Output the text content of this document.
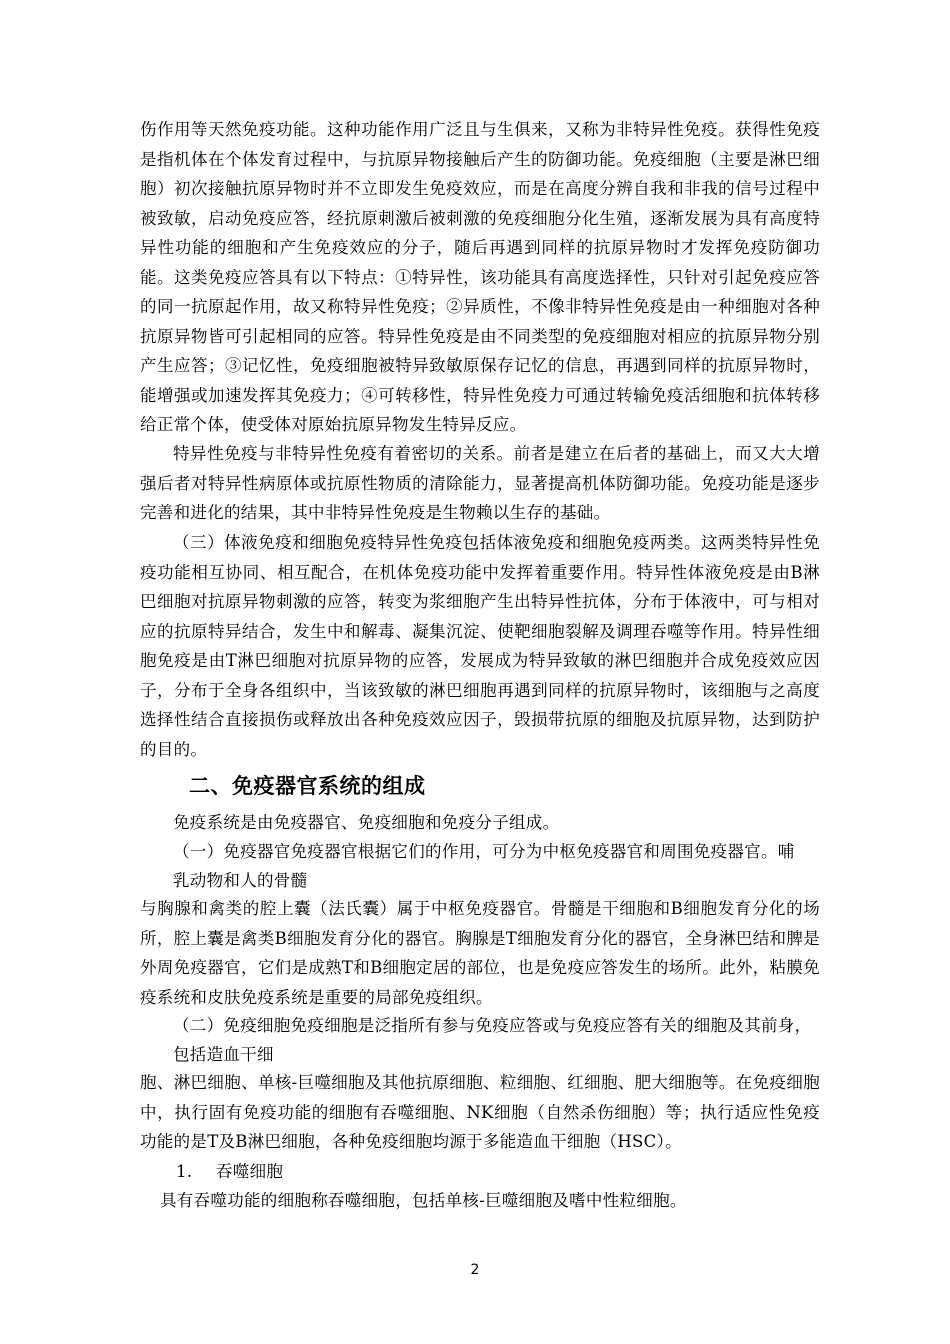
伤作用等天然免疫功能。这种功能作用广泛且与生俱来，又称为非特异性免疫。获得性免疫是指机体在个体发育过程中，与抗原异物接触后产生的防御功能。免疫细胞（主要是淋巴细胞）初次接触抗原异物时并不立即发生免疫效应，而是在高度分辨自我和非我的信号过程中被致敏，启动免疫应答，经抗原刺激后被刺激的免疫细胞分化生殖，逐渐发展为具有高度特异性功能的细胞和产生免疫效应的分子，随后再遇到同样的抗原异物时才发挥免疫防御功能。这类免疫应答具有以下特点：①特异性，该功能具有高度选择性，只针对引起免疫应答的同一抗原起作用，故又称特异性免疫；②异质性，不像非特异性免疫是由一种细胞对各种抗原异物皆可引起相同的应答。特异性免疫是由不同类型的免疫细胞对相应的抗原异物分别产生应答；③记忆性，免疫细胞被特异致敏原保存记忆的信息，再遇到同样的抗原异物时，能增强或加速发挥其免疫力；④可转移性，特异性免疫力可通过转输免疫活细胞和抗体转移给正常个体，使受体对原始抗原异物发生特异反应。

特异性免疫与非特异性免疫有着密切的关系。前者是建立在后者的基础上，而又大大增强后者对特异性病原体或抗原性物质的清除能力，显著提高机体防御功能。免疫功能是逐步完善和进化的结果，其中非特异性免疫是生物赖以生存的基础。

（三）体液免疫和细胞免疫特异性免疫包括体液免疫和细胞免疫两类。这两类特异性免疫功能相互协同、相互配合，在机体免疫功能中发挥着重要作用。特异性体液免疫是由B淋巴细胞对抗原异物刺激的应答，转变为浆细胞产生出特异性抗体，分布于体液中，可与相对应的抗原特异结合，发生中和解毒、凝集沉淀、使靶细胞裂解及调理吞噬等作用。特异性细胞免疫是由T淋巴细胞对抗原异物的应答，发展成为特异致敏的淋巴细胞并合成免疫效应因子，分布于全身各组织中，当该致敏的淋巴细胞再遇到同样的抗原异物时，该细胞与之高度选择性结合直接损伤或释放出各种免疫效应因子，毁损带抗原的细胞及抗原异物，达到防护的目的。

二、免疫器官系统的组成

免疫系统是由免疫器官、免疫细胞和免疫分子组成。

（一）免疫器官免疫器官根据它们的作用，可分为中枢免疫器官和周围免疫器官。哺

乳动物和人的骨髓

与胸腺和禽类的腔上囊（法氏囊）属于中枢免疫器官。骨髓是干细胞和B细胞发育分化的场所，腔上囊是禽类B细胞发育分化的器官。胸腺是T细胞发育分化的器官，全身淋巴结和脾是外周免疫器官，它们是成熟T和B细胞定居的部位，也是免疫应答发生的场所。此外，粘膜免疫系统和皮肤免疫系统是重要的局部免疫组织。

（二）免疫细胞免疫细胞是泛指所有参与免疫应答或与免疫应答有关的细胞及其前身，

包括造血干细

胞、淋巴细胞、单核-巨噬细胞及其他抗原细胞、粒细胞、红细胞、肥大细胞等。在免疫细胞中，执行固有免疫功能的细胞有吞噬细胞、NK细胞（自然杀伤细胞）等；执行适应性免疫功能的是T及B淋巴细胞，各种免疫细胞均源于多能造血干细胞（HSC）。

1. 吞噬细胞

具有吞噬功能的细胞称吞噬细胞，包括单核-巨噬细胞及嗜中性粒细胞。

2
